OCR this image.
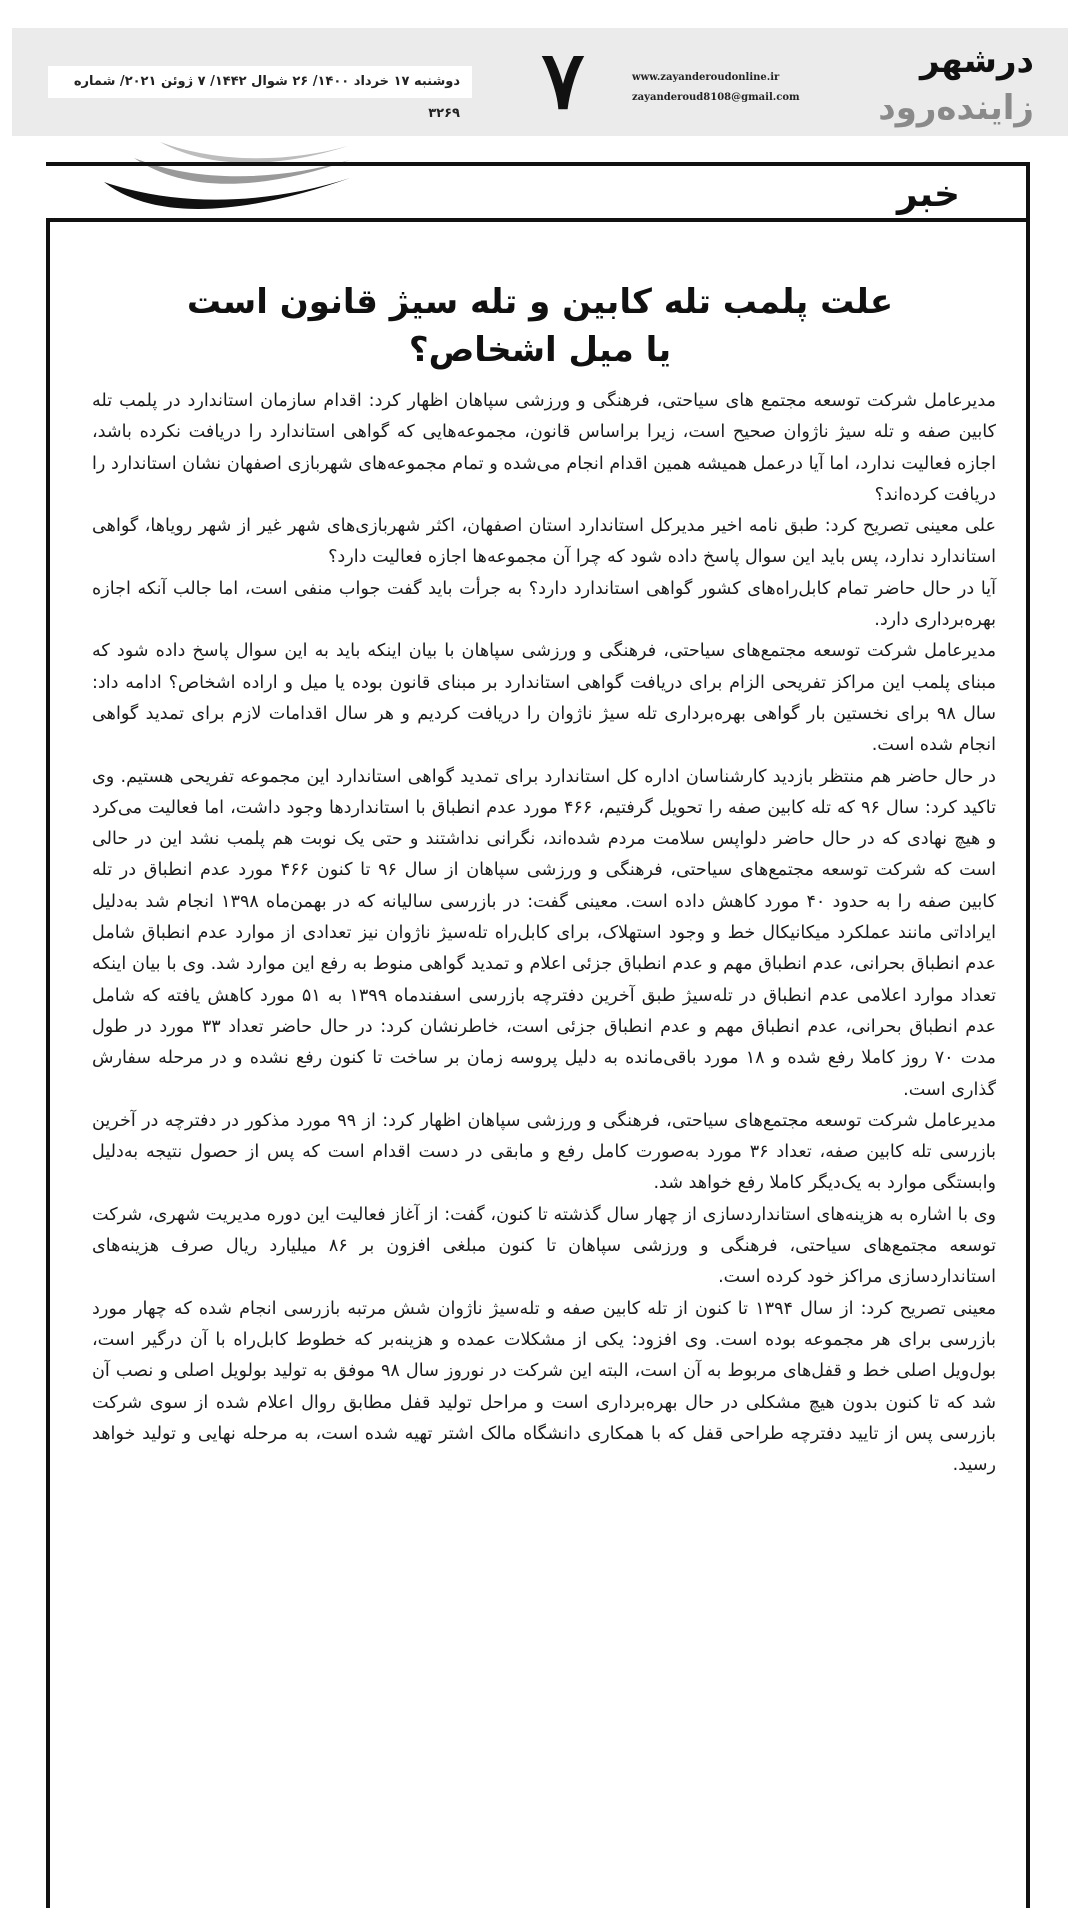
دوشنبه ۱۷ خرداد ۱۴۰۰/ ۲۶ شوال ۱۴۴۲/ ۷ ژوئن ۲۰۲۱/ شماره ۳۲۶۹ ۷	www.zayanderoudonline.ir
zayanderoud8108@gmail.com
درشهر
زاینده‌رود
خبر
علت پلمب تله کابین و تله سیژ قانون است
یا میل اشخاص؟

مدیرعامل شرکت توسعه مجتمع های سیاحتی، فرهنگی و ورزشی سپاهان اظهار کرد: اقدام سازمان استاندارد در پلمب تله کابین صفه و تله سیژ ناژوان صحیح است، زیرا براساس قانون، مجموعه‌هایی که گواهی استاندارد را دریافت نکرده باشد، اجازه فعالیت ندارد، اما آیا درعمل همیشه همین اقدام انجام می‌شده و تمام مجموعه‌های شهربازی اصفهان نشان استاندارد را دریافت کرده‌اند؟

علی معینی تصریح کرد: طبق نامه اخیر مدیرکل استاندارد استان اصفهان، اکثر شهربازی‌های شهر غیر از شهر رویاها، گواهی استاندارد ندارد، پس باید این سوال پاسخ داده شود که چرا آن مجموعه‌ها اجازه فعالیت دارد؟

آیا در حال حاضر تمام کابل‌راه‌های کشور گواهی استاندارد دارد؟ به جرأت باید گفت جواب منفی است، اما جالب آنکه اجازه بهره‌برداری دارد.

مدیرعامل شرکت توسعه مجتمع‌های سیاحتی، فرهنگی و ورزشی سپاهان با بیان اینکه باید به این سوال پاسخ داده شود که مبنای پلمب این مراکز تفریحی الزام برای دریافت گواهی استاندارد بر مبنای قانون بوده یا میل و اراده اشخاص؟ ادامه داد: سال ۹۸ برای نخستین بار گواهی بهره‌برداری تله سیژ ناژوان را دریافت کردیم و هر سال اقدامات لازم برای تمدید گواهی انجام شده است.

در حال حاضر هم منتظر بازدید کارشناسان اداره کل استاندارد برای تمدید گواهی استاندارد این مجموعه تفریحی هستیم. وی تاکید کرد: سال ۹۶ که تله کابین صفه را تحویل گرفتیم، ۴۶۶ مورد عدم انطباق با استانداردها وجود داشت، اما فعالیت می‌کرد و هیچ نهادی که در حال حاضر دلواپس سلامت مردم شده‌اند، نگرانی نداشتند و حتی یک نوبت هم پلمب نشد این در حالی است که شرکت توسعه مجتمع‌های سیاحتی، فرهنگی و ورزشی سپاهان از سال ۹۶ تا کنون ۴۶۶ مورد عدم انطباق در تله کابین صفه را به حدود ۴۰ مورد کاهش داده است. معینی گفت: در بازرسی سالیانه که در بهمن‌ماه ۱۳۹۸ انجام شد به‌دلیل ایراداتی مانند عملکرد میکانیکال خط و وجود استهلاک، برای کابل‌راه تله‌سیژ ناژوان نیز تعدادی از موارد عدم انطباق شامل عدم انطباق بحرانی، عدم انطباق مهم و عدم انطباق جزئی اعلام و تمدید گواهی منوط به رفع این موارد شد. وی با بیان اینکه تعداد موارد اعلامی عدم انطباق در تله‌سیژ طبق آخرین دفترچه بازرسی اسفندماه ۱۳۹۹ به ۵۱ مورد کاهش یافته که شامل عدم انطباق بحرانی، عدم انطباق مهم و عدم انطباق جزئی است، خاطرنشان کرد: در حال حاضر تعداد ۳۳ مورد در طول مدت ۷۰ روز کاملا رفع شده و ۱۸ مورد باقی‌مانده به دلیل پروسه زمان بر ساخت تا کنون رفع نشده و در مرحله سفارش گذاری است.

مدیرعامل شرکت توسعه مجتمع‌های سیاحتی، فرهنگی و ورزشی سپاهان اظهار کرد: از ۹۹ مورد مذکور در دفترچه در آخرین بازرسی تله کابین صفه، تعداد ۳۶ مورد به‌صورت کامل رفع و مابقی در دست اقدام است که پس از حصول نتیجه به‌دلیل وابستگی موارد به یک‌دیگر کاملا رفع خواهد شد.

وی با اشاره به هزینه‌های استانداردسازی از چهار سال گذشته تا کنون، گفت: از آغاز فعالیت این دوره مدیریت شهری، شرکت توسعه مجتمع‌های سیاحتی، فرهنگی و ورزشی سپاهان تا کنون مبلغی افزون بر ۸۶ میلیارد ریال صرف هزینه‌های استانداردسازی مراکز خود کرده است.

معینی تصریح کرد: از سال ۱۳۹۴ تا کنون از تله کابین صفه و تله‌سیژ ناژوان شش مرتبه بازرسی انجام شده که چهار مورد بازرسی برای هر مجموعه بوده است. وی افزود: یکی از مشکلات عمده و هزینه‌بر که خطوط کابل‌راه با آن درگیر است، بول‌ویل اصلی خط و قفل‌های مربوط به آن است، البته این شرکت در نوروز سال ۹۸ موفق به تولید بولویل اصلی و نصب آن شد که تا کنون بدون هیچ مشکلی در حال بهره‌برداری است و مراحل تولید قفل مطابق روال اعلام شده از سوی شرکت بازرسی پس از تایید دفترچه طراحی قفل که با همکاری دانشگاه مالک اشتر تهیه شده است، به مرحله نهایی و تولید خواهد رسید.
